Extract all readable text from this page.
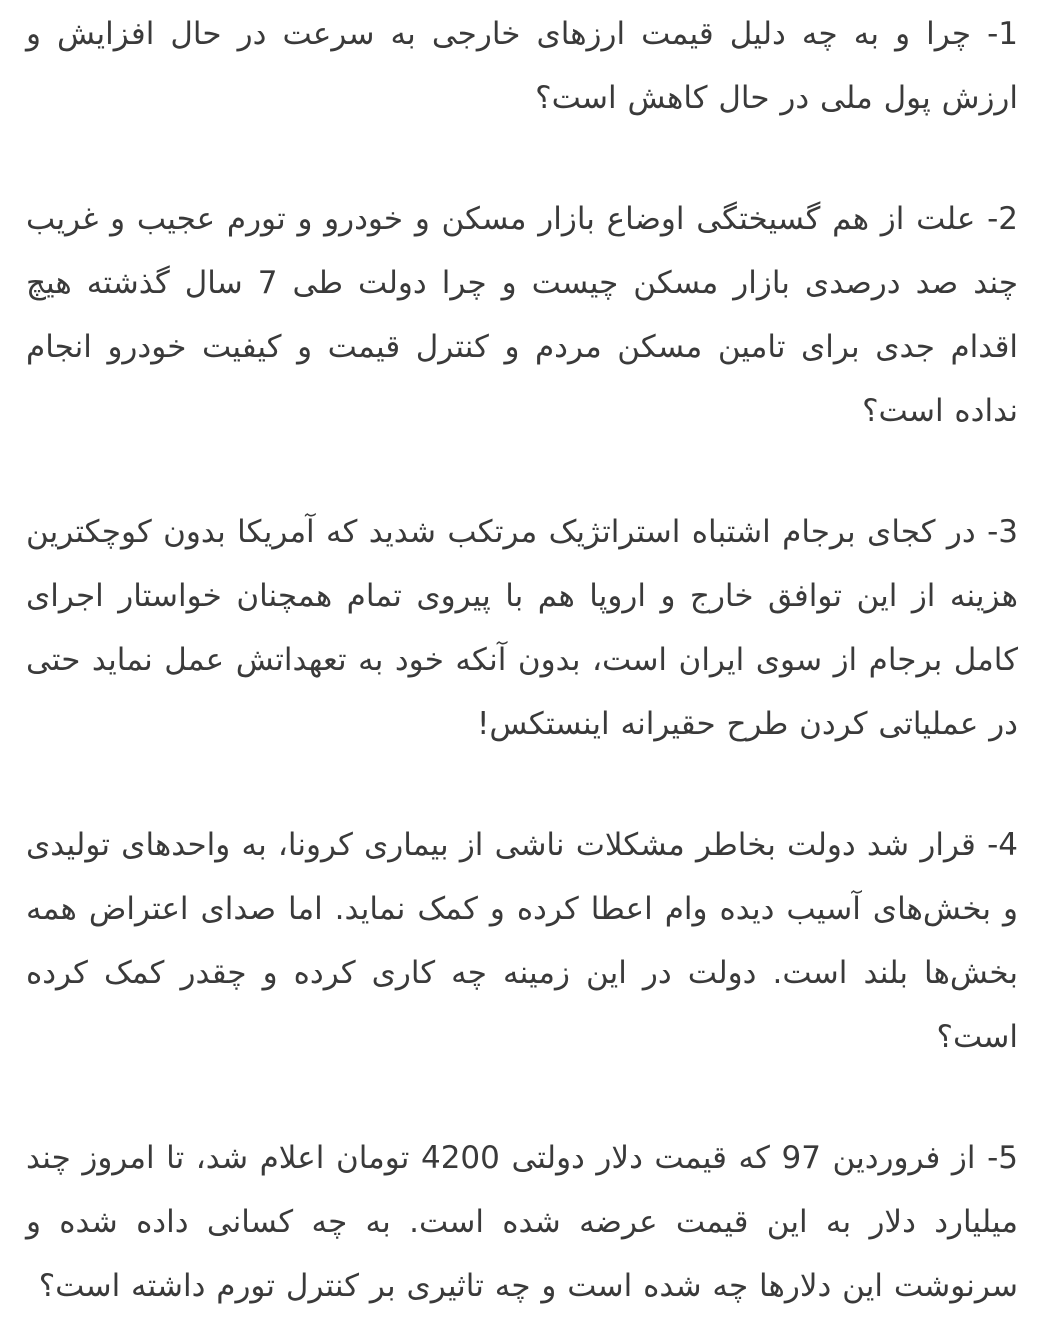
1- چرا و به چه دلیل قیمت ارزهای خارجی به سرعت در حال افزایش و ارزش پول ملی در حال کاهش است؟

2- علت از هم گسیختگی اوضاع بازار مسکن و خودرو و تورم عجیب و غریب چند صد درصدی بازار مسکن چیست و چرا دولت طی 7 سال گذشته هیچ اقدام جدی برای تامین مسکن مردم و کنترل قیمت و کیفیت خودرو انجام نداده است؟

3- در کجای برجام اشتباه استراتژیک مرتکب شدید که آمریکا بدون کوچکترین هزینه از این توافق خارج و اروپا هم با پیروی تمام همچنان خواستار اجرای کامل برجام از سوی ایران است، بدون آنکه خود به تعهداتش عمل نماید حتی در عملیاتی کردن طرح حقیرانه اینستکس!

4- قرار شد دولت بخاطر مشکلات ناشی از بیماری کرونا، به واحدهای تولیدی و بخش‌های آسیب دیده وام اعطا کرده و کمک نماید. اما صدای اعتراض همه بخش‌ها بلند است. دولت در این زمینه چه کاری کرده و چقدر کمک کرده است؟

5- از فروردین 97 که قیمت دلار دولتی 4200 تومان اعلام شد، تا امروز چند میلیارد دلار به این قیمت عرضه شده است. به چه کسانی داده شده و سرنوشت این دلارها چه شده است و چه تاثیری بر کنترل تورم داشته است؟
